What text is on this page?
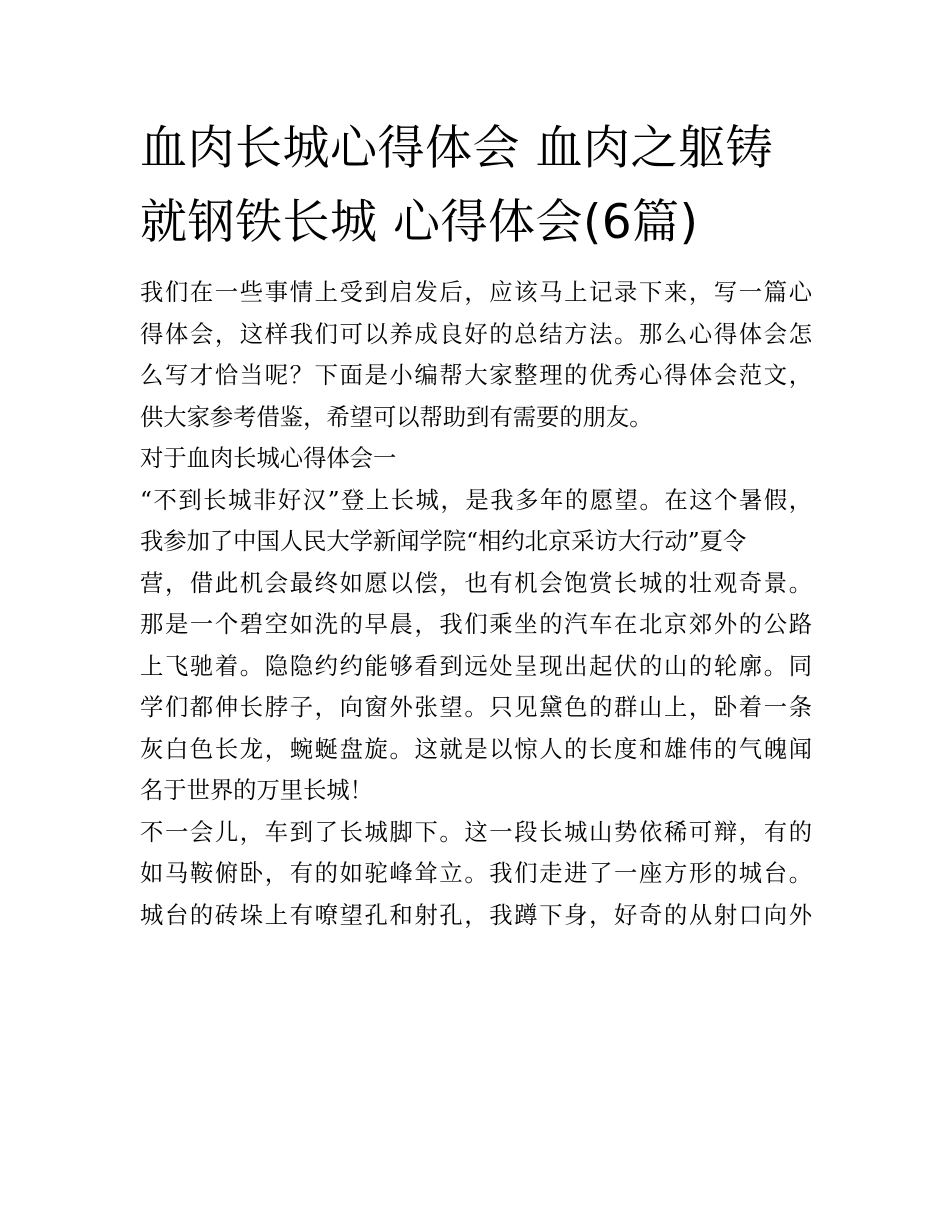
血肉长城心得体会 血肉之躯铸
就钢铁长城 心得体会(6篇)
我们在一些事情上受到启发后，应该马上记录下来，写一篇心
得体会，这样我们可以养成良好的总结方法。那么心得体会怎
么写才恰当呢？下面是小编帮大家整理的优秀心得体会范文，
供大家参考借鉴，希望可以帮助到有需要的朋友。
对于血肉长城心得体会一
“不到长城非好汉”登上长城，是我多年的愿望。在这个暑假，
我参加了中国人民大学新闻学院“相约北京采访大行动”夏令
营，借此机会最终如愿以偿，也有机会饱赏长城的壮观奇景。
那是一个碧空如洗的早晨，我们乘坐的汽车在北京郊外的公路
上飞驰着。隐隐约约能够看到远处呈现出起伏的山的轮廓。同
学们都伸长脖子，向窗外张望。只见黛色的群山上，卧着一条
灰白色长龙，蜿蜒盘旋。这就是以惊人的长度和雄伟的气魄闻
名于世界的万里长城！
不一会儿，车到了长城脚下。这一段长城山势依稀可辩，有的
如马鞍俯卧，有的如驼峰耸立。我们走进了一座方形的城台。
城台的砖垛上有嘹望孔和射孔，我蹲下身，好奇的从射口向外
